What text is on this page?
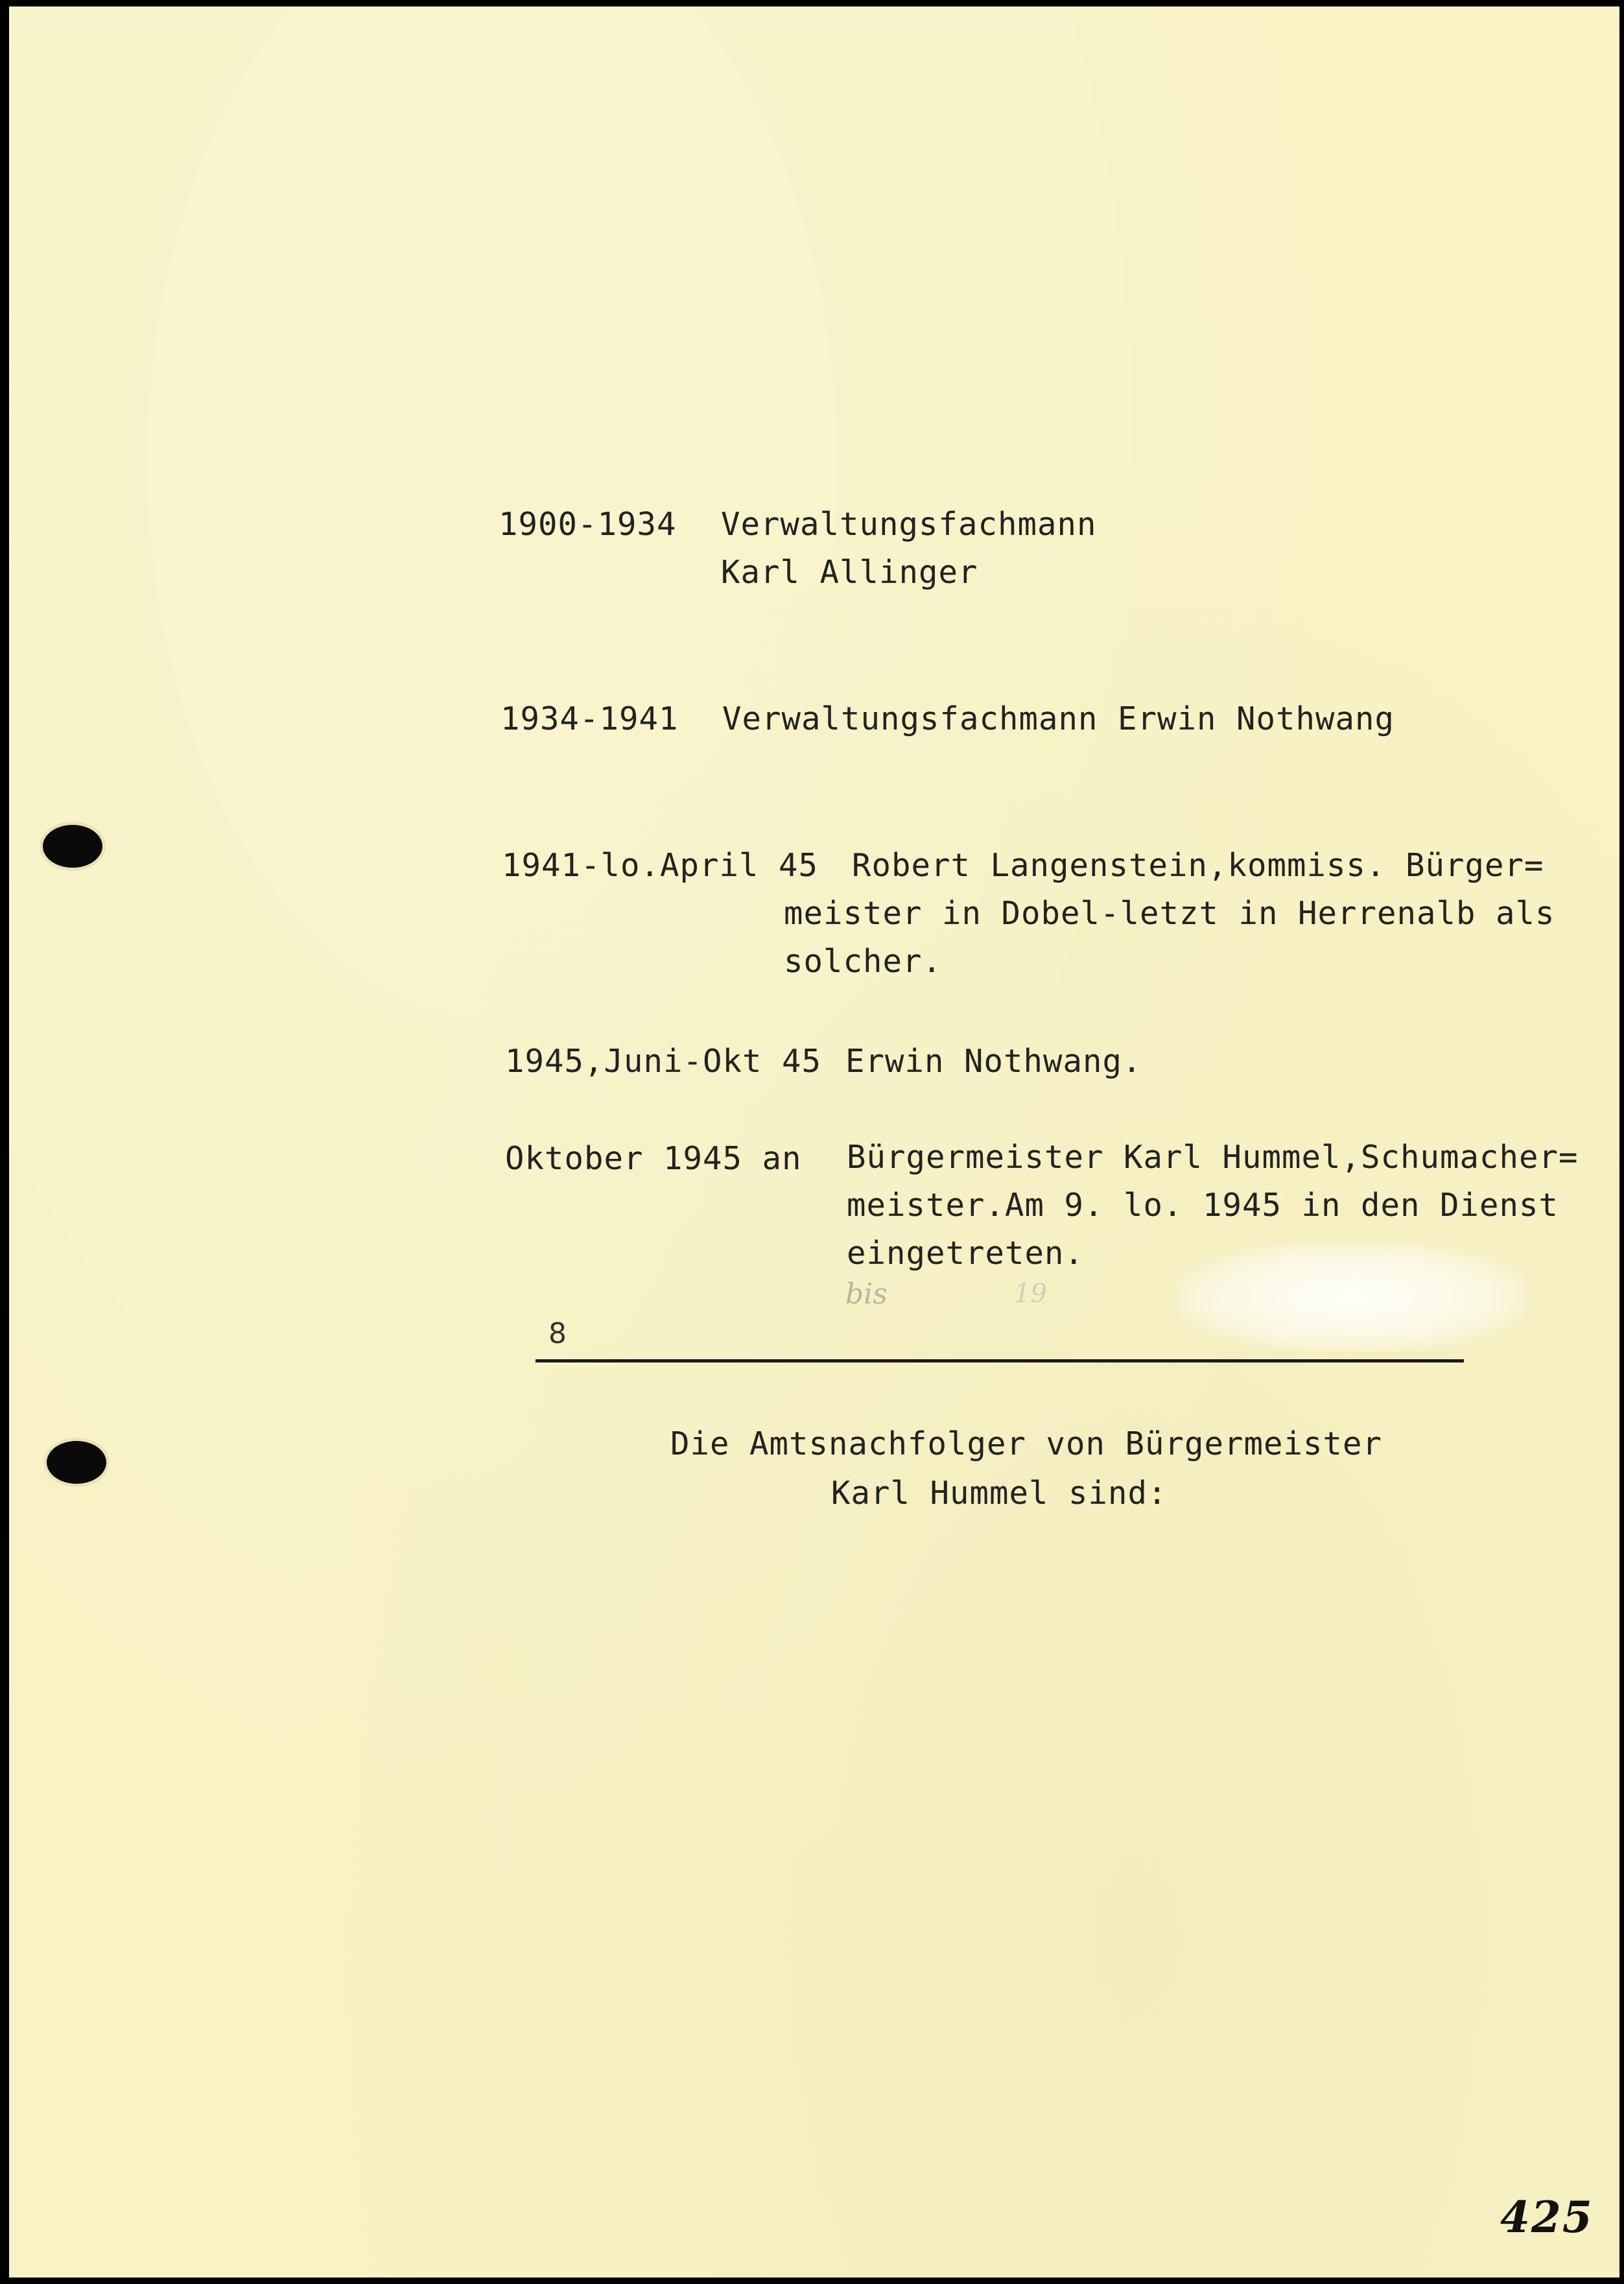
1900-1934 Verwaltungsfachmann

Karl Allinger

1934-1941 Verwaltungsfachmann Erwin Nothwang

1941-lo.April 45 Robert Langenstein,kommiss. Bürger=

meister in Dobel-letzt in Herrenalb als

solcher.

1945,Juni-Okt 45 Erwin Nothwang.

Oktober 1945 an Bürgermeister Karl Hummel,Schumacher=

meister.Am 9. lo. 1945 in den Dienst

eingetreten.

bis	19

8

Die Amtsnachfolger von Bürgermeister

Karl Hummel sind:

425
